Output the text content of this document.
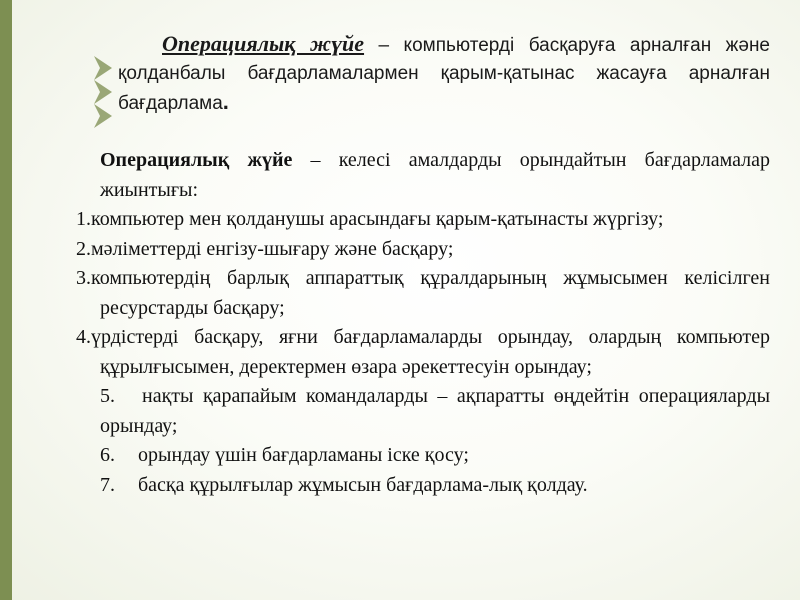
Операциялық жүйе – компьютерді басқаруға арналған және қолданбалы бағдарламалармен қарым-қатынас жасауға арналған бағдарлама.

Операциялық жүйе – келесі амалдарды орындайтын бағдарламалар жиынтығы:

1.компьютер мен қолданушы арасындағы қарым-қатынасты жүргізу;

2.мәліметтерді енгізу-шығару және басқару;

3.компьютердің барлық аппараттық құралдарының жұмысымен келісілген ресурстарды басқару;

4.үрдістерді басқару, яғни бағдарламаларды орындау, олардың компьютер құрылғысымен, деректермен өзара әрекеттесуін орындау;

5. нақты қарапайым командаларды – ақпаратты өңдейтін операцияларды орындау;

6. орындау үшін бағдарламаны іске қосу;

7. басқа құрылғылар жұмысын бағдарлама-лық қолдау.
